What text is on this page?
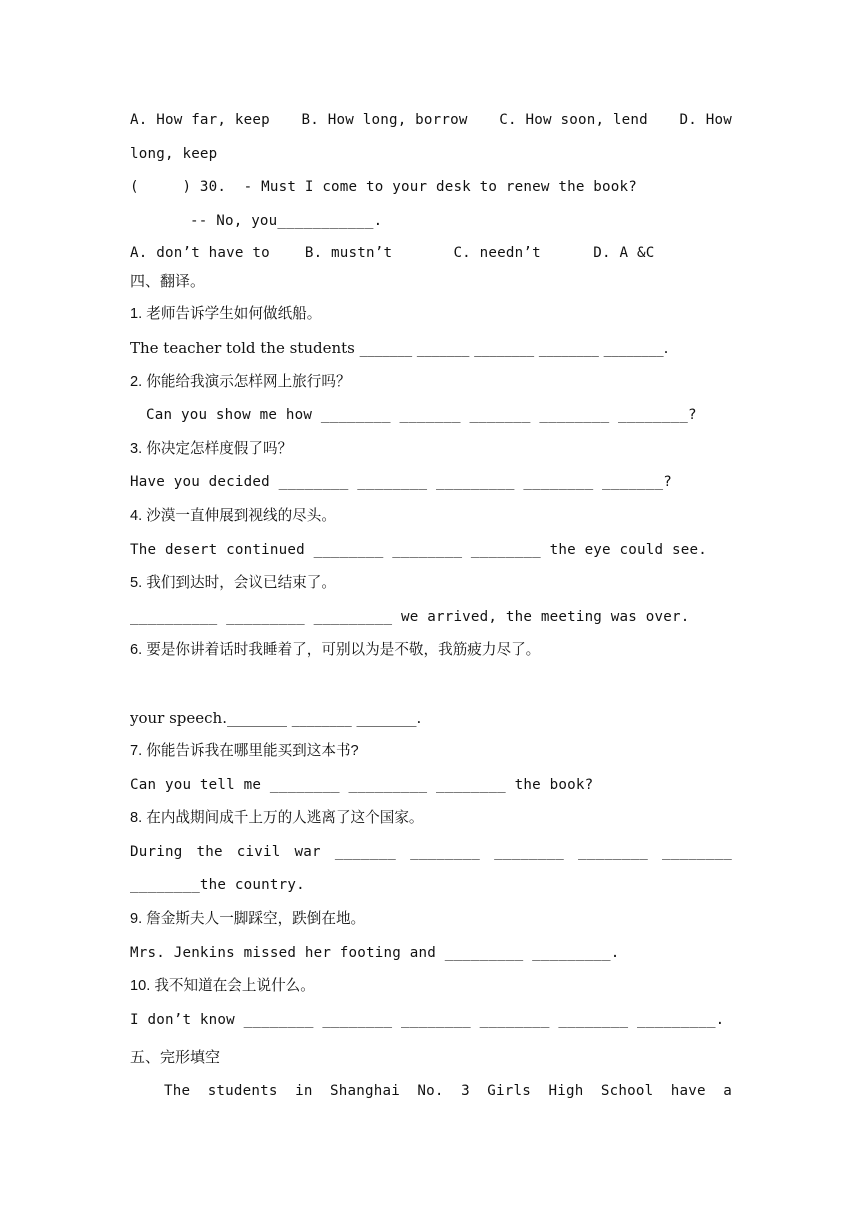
A. How far, keep B. How long, borrow C. How soon, lend D. How
long, keep
(     ) 30.  - Must I come to your desk to renew the book?
-- No, you___________.
A. don’t have to    B. mustn’t       C. needn’t      D. A &C
四、翻译。
1. 老师告诉学生如何做纸船。
The teacher told the students _______ _______ ________ ________ ________.
2. 你能给我演示怎样网上旅行吗？
Can you show me how ________ _______ _______ ________ ________?
3. 你决定怎样度假了吗？
Have you decided ________ ________ _________ ________ _______?
4. 沙漠一直伸展到视线的尽头。
The desert continued ________ ________ ________ the eye could see.
5. 我们到达时，会议已结束了。
__________ _________ _________ we arrived, the meeting was over.
6. 要是你讲着话时我睡着了，可别以为是不敬，我筋疲力尽了。

your speech.________ ________ ________.
7. 你能告诉我在哪里能买到这本书?
Can you tell me ________ _________ ________ the book?
8. 在内战期间成千上万的人逃离了这个国家。
During the civil war _______ ________ ________ ________ ________
________the country.
9. 詹金斯夫人一脚踩空，跌倒在地。
Mrs. Jenkins missed her footing and _________ _________.
10. 我不知道在会上说什么。
I don’t know ________ ________ ________ ________ ________ _________.
五、完形填空
The students in Shanghai No. 3 Girls High School have a
